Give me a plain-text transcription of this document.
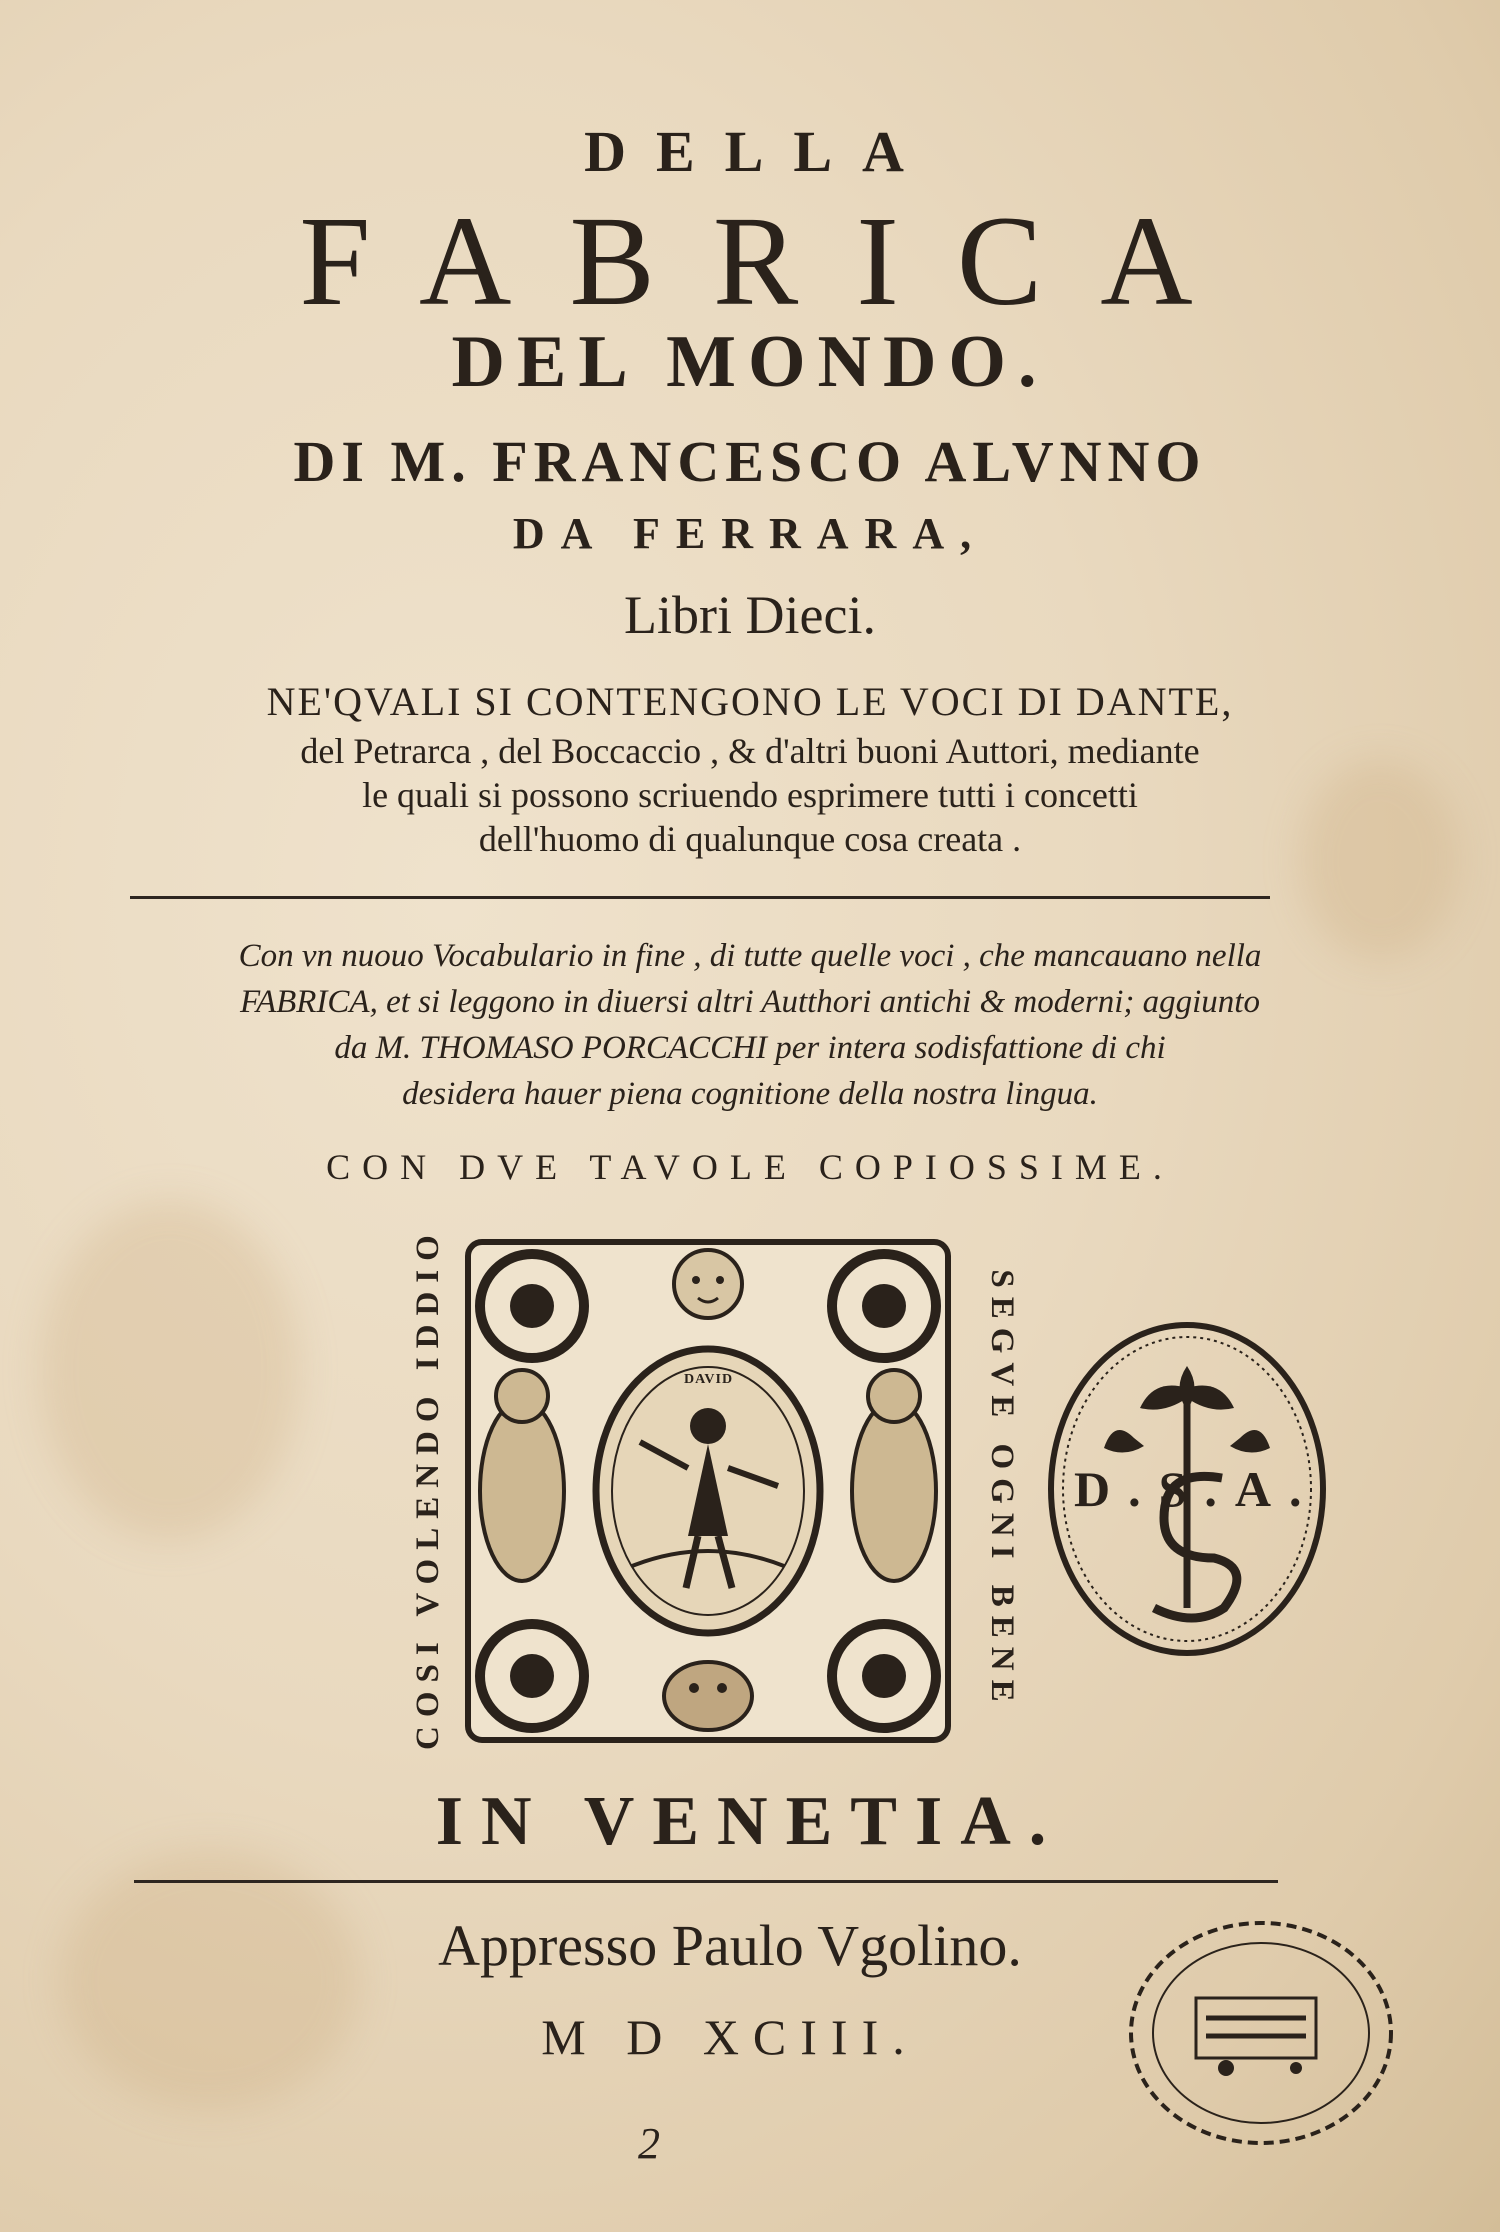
DELLA
FABRICA
DEL MONDO.
DI M. FRANCESCO ALVNNO
DA FERRARA,
Libri Dieci.
NE'QVALI SI CONTENGONO LE VOCI DI DANTE,
del Petrarca , del Boccaccio , & d'altri buoni Auttori, mediante
le quali si possono scriuendo esprimere tutti i concetti
dell'huomo di qualunque cosa creata .
Con vn nuouo Vocabulario in fine , di tutte quelle voci , che mancauano nella
FABRICA, et si leggono in diuersi altri Autthori antichi & moderni; aggiunto
da M. THOMASO PORCACCHI per intera sodisfattione di chi
desidera hauer piena cognitione della nostra lingua.
CON DVE TAVOLE COPIOSSIME.
DAVID
COSI VOLENDO IDDIO	SEGVE OGNI BENE D.S.A.
IN VENETIA.
Appresso Paulo Vgolino.
M D XCIII.
2
